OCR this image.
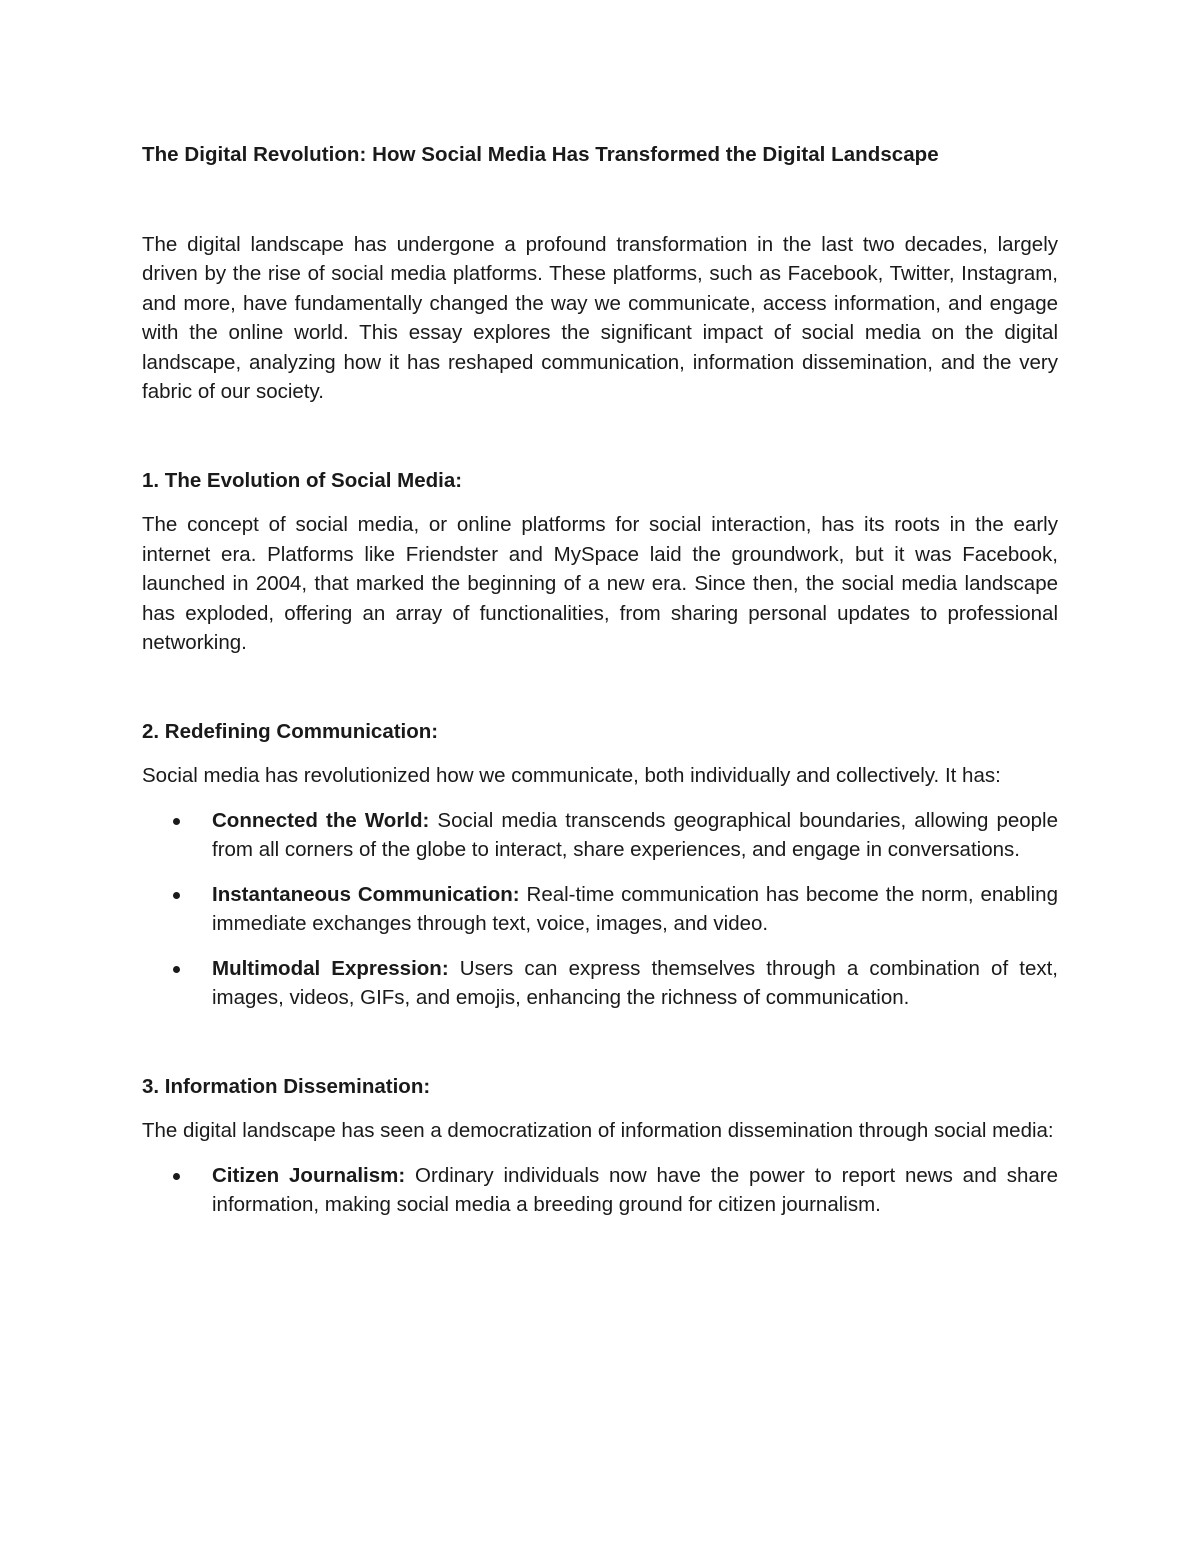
The Digital Revolution: How Social Media Has Transformed the Digital Landscape

The digital landscape has undergone a profound transformation in the last two decades, largely driven by the rise of social media platforms. These platforms, such as Facebook, Twitter, Instagram, and more, have fundamentally changed the way we communicate, access information, and engage with the online world. This essay explores the significant impact of social media on the digital landscape, analyzing how it has reshaped communication, information dissemination, and the very fabric of our society.

1. The Evolution of Social Media:

The concept of social media, or online platforms for social interaction, has its roots in the early internet era. Platforms like Friendster and MySpace laid the groundwork, but it was Facebook, launched in 2004, that marked the beginning of a new era. Since then, the social media landscape has exploded, offering an array of functionalities, from sharing personal updates to professional networking.

2. Redefining Communication:

Social media has revolutionized how we communicate, both individually and collectively. It has:

Connected the World: Social media transcends geographical boundaries, allowing people from all corners of the globe to interact, share experiences, and engage in conversations.
Instantaneous Communication: Real-time communication has become the norm, enabling immediate exchanges through text, voice, images, and video.
Multimodal Expression: Users can express themselves through a combination of text, images, videos, GIFs, and emojis, enhancing the richness of communication.
3. Information Dissemination:

The digital landscape has seen a democratization of information dissemination through social media:

Citizen Journalism: Ordinary individuals now have the power to report news and share information, making social media a breeding ground for citizen journalism.
